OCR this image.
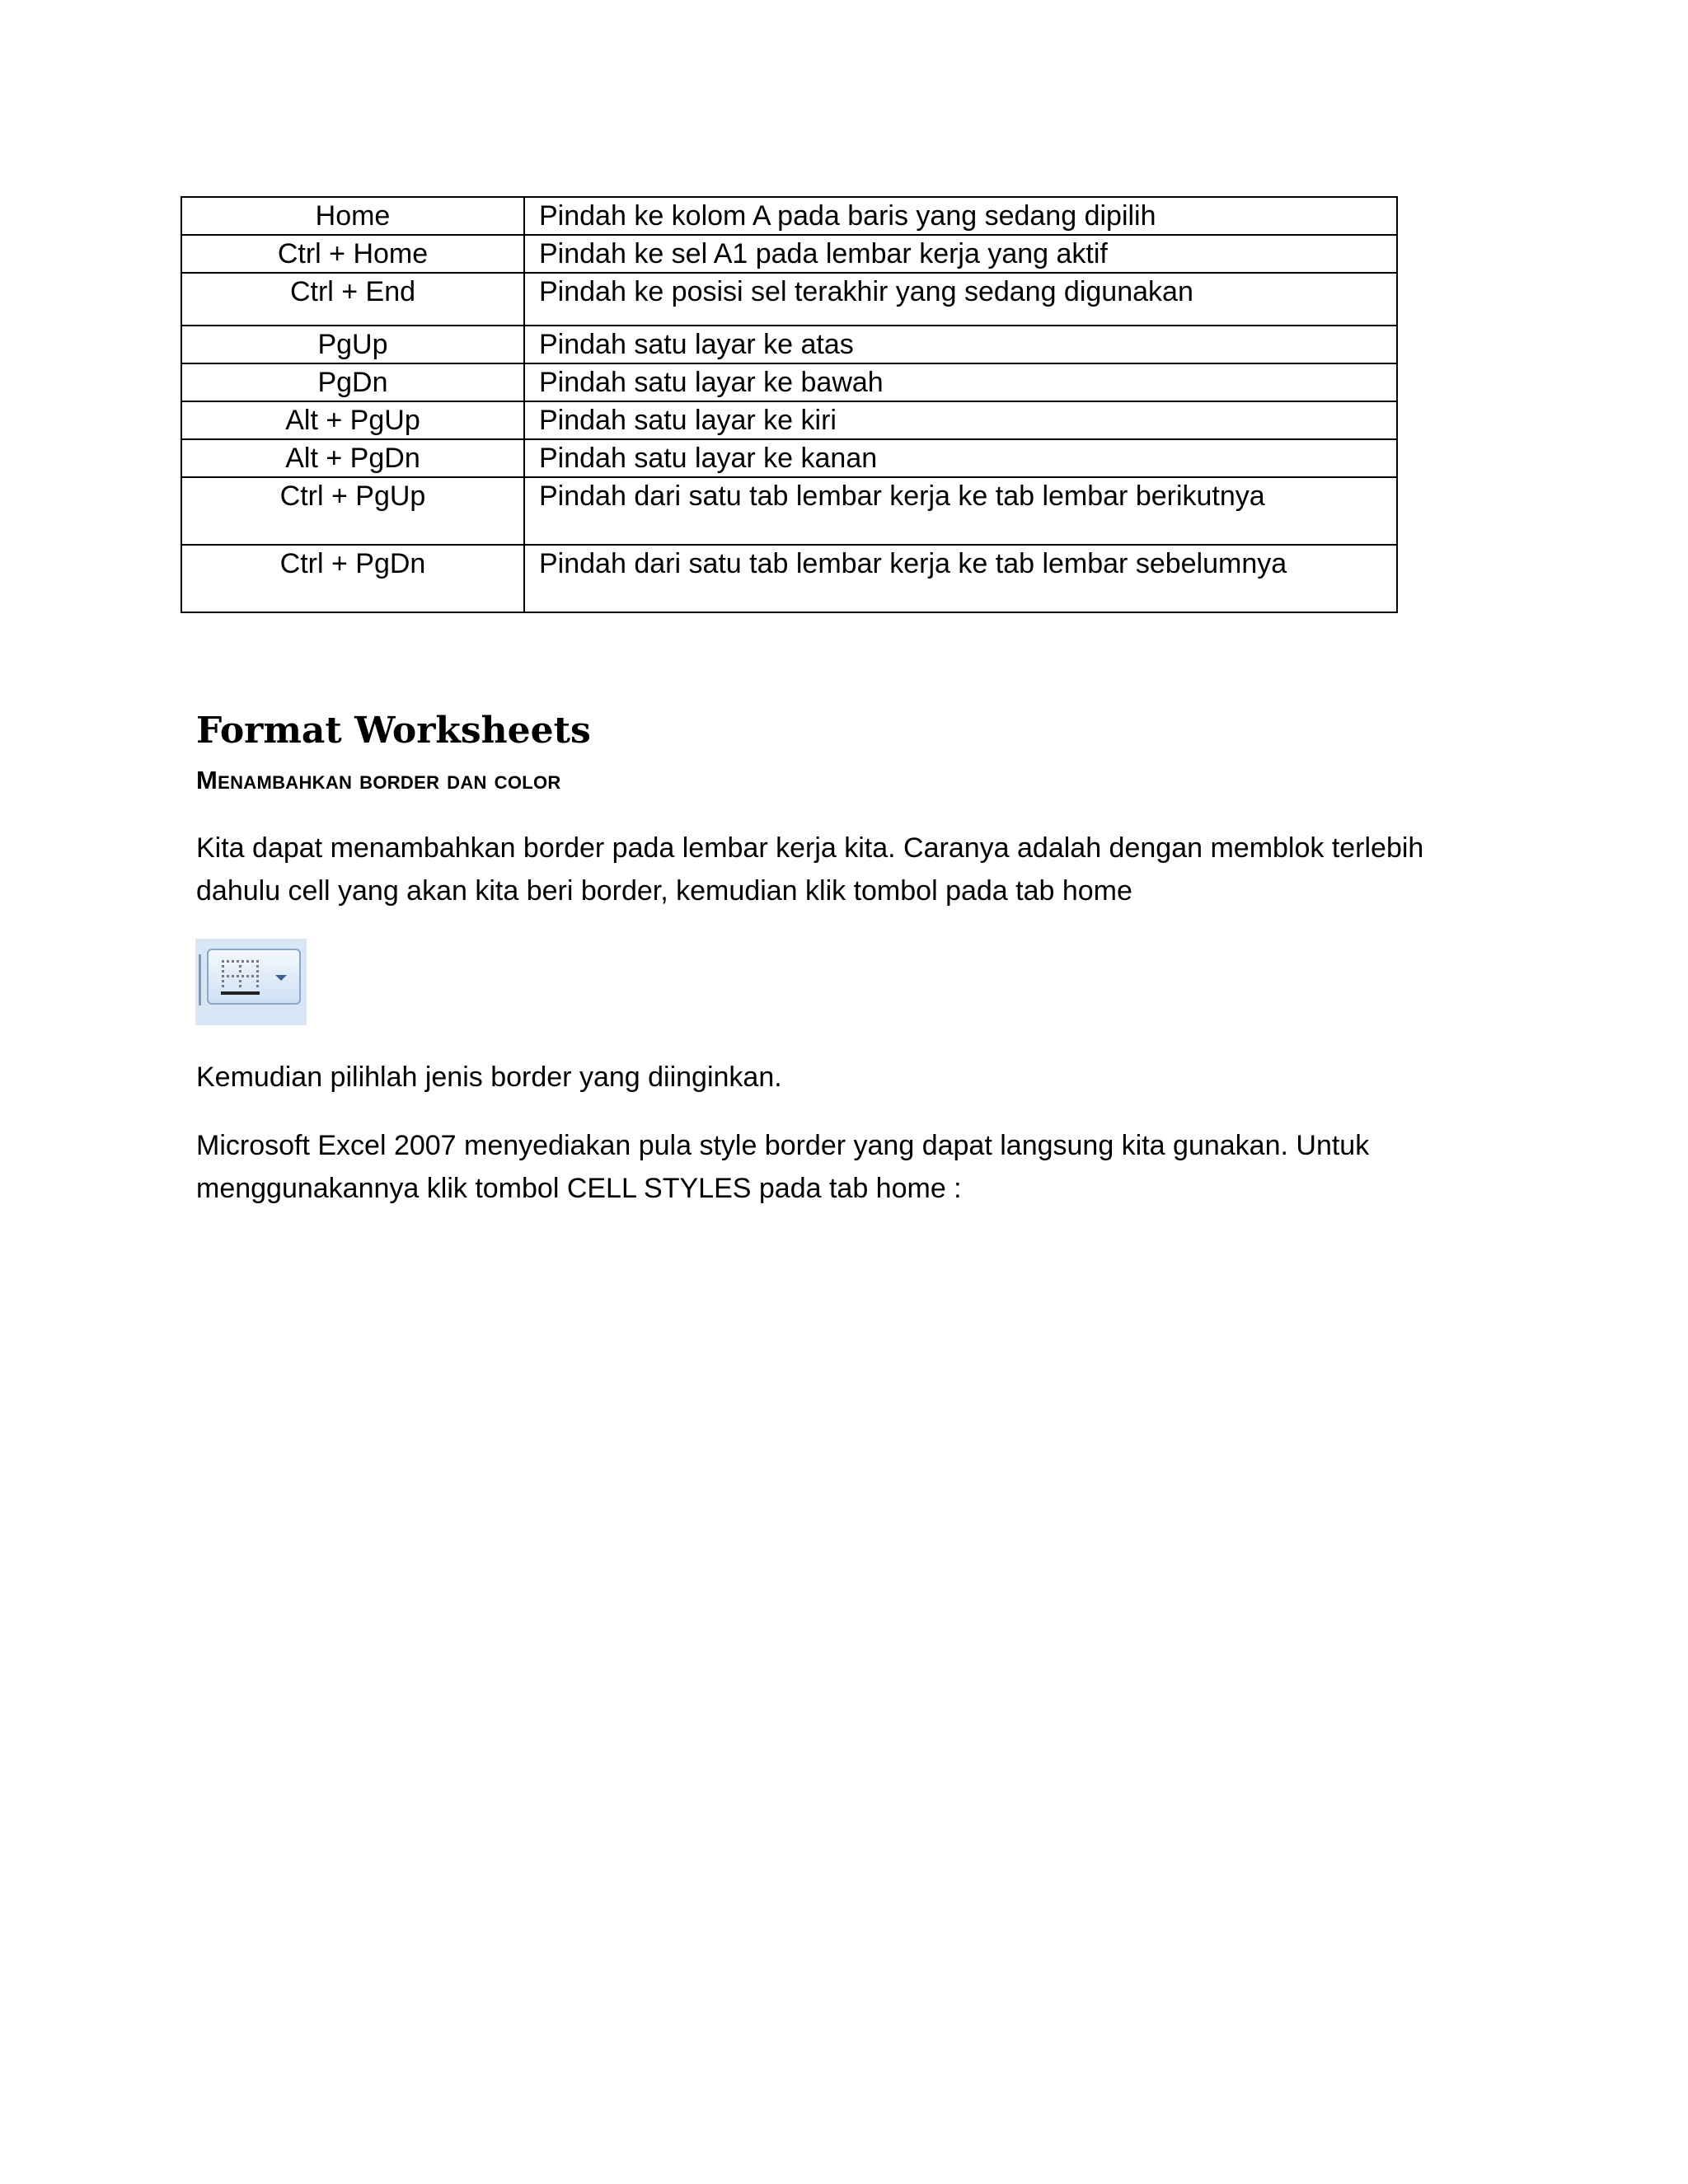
Home	Pindah ke kolom A pada baris yang sedang dipilih
Ctrl + Home	Pindah ke sel A1 pada lembar kerja yang aktif
Ctrl + End	Pindah ke posisi sel terakhir yang sedang digunakan
PgUp	Pindah satu layar ke atas
PgDn	Pindah satu layar ke bawah
Alt + PgUp	Pindah satu layar ke kiri
Alt + PgDn	Pindah satu layar ke kanan
Ctrl + PgUp	Pindah dari satu tab lembar kerja ke tab lembar berikutnya
Ctrl + PgDn	Pindah dari satu tab lembar kerja ke tab lembar sebelumnya
Format Worksheets
Menambahkan border dan color

Kita dapat menambahkan border pada lembar kerja kita. Caranya adalah dengan memblok terlebih dahulu cell yang akan kita beri border, kemudian klik tombol pada tab home

Kemudian pilihlah jenis border yang diinginkan.

Microsoft Excel 2007 menyediakan pula style border yang dapat langsung kita gunakan. Untuk menggunakannya klik tombol CELL STYLES pada tab home :
